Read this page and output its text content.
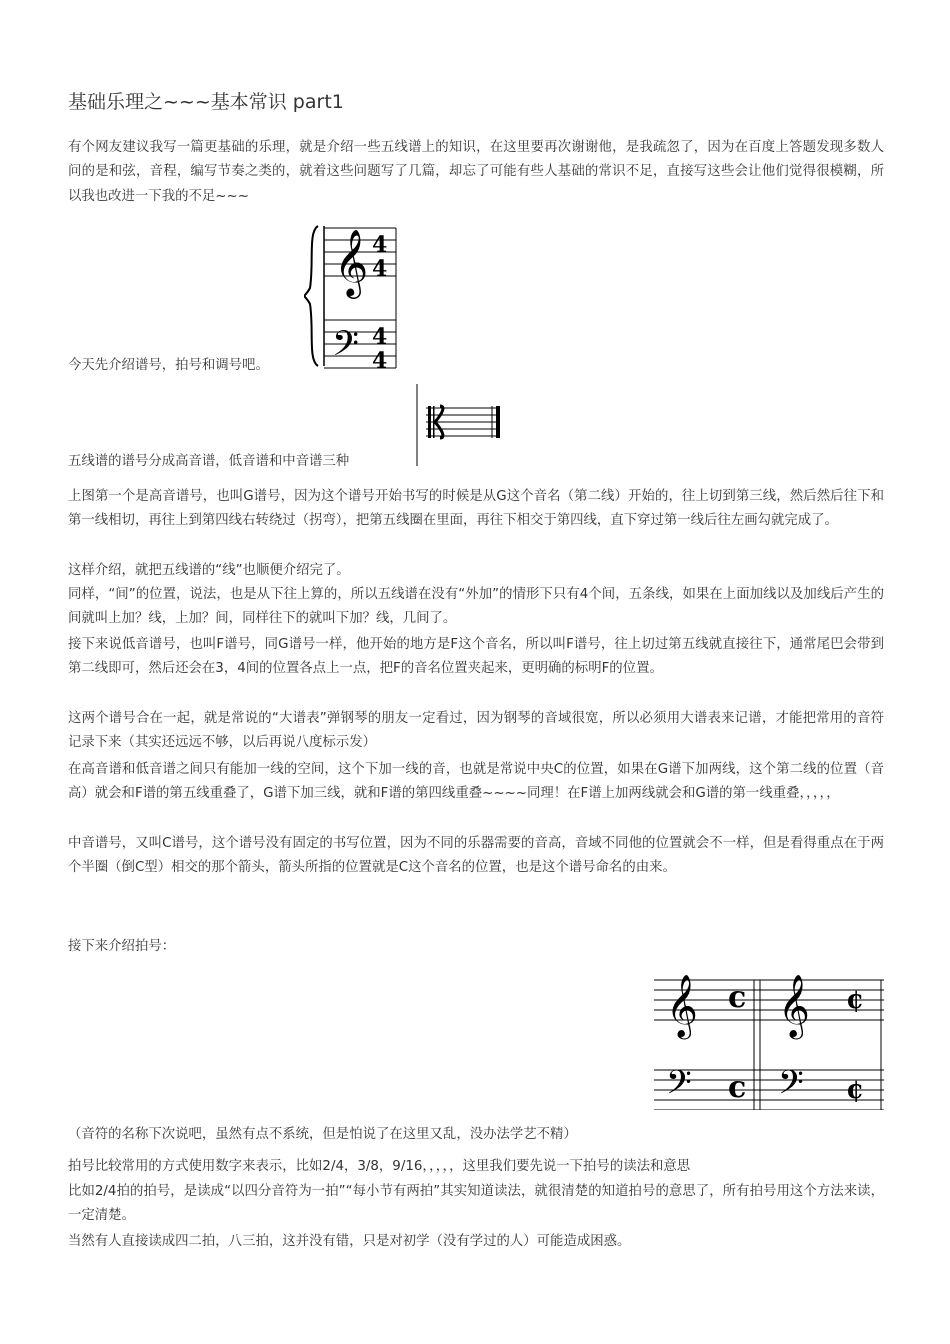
基础乐理之~~~基本常识 part1
有个网友建议我写一篇更基础的乐理，就是介绍一些五线谱上的知识，在这里要再次谢谢他，是我疏忽了，因为在百度上答题发现多数人问的是和弦，音程，编写节奏之类的，就着这些问题写了几篇，却忘了可能有些人基础的常识不足，直接写这些会让他们觉得很模糊，所以我也改进一下我的不足~~~
𝄞
𝄢
4
4
4
4
今天先介绍谱号，拍号和调号吧。
五线谱的谱号分成高音谱，低音谱和中音谱三种
上图第一个是高音谱号，也叫G谱号，因为这个谱号开始书写的时候是从G这个音名（第二线）开始的，往上切到第三线，然后然后往下和第一线相切，再往上到第四线右转绕过（拐弯），把第五线圈在里面，再往下相交于第四线，直下穿过第一线后往左画勾就完成了。
这样介绍，就把五线谱的“线”也顺便介绍完了。
同样，“间”的位置，说法，也是从下往上算的，所以五线谱在没有“外加”的情形下只有4个间，五条线，如果在上面加线以及加线后产生的间就叫上加？线，上加？间，同样往下的就叫下加？线，几间了。
接下来说低音谱号，也叫F谱号，同G谱号一样，他开始的地方是F这个音名，所以叫F谱号，往上切过第五线就直接往下，通常尾巴会带到第二线即可，然后还会在3，4间的位置各点上一点，把F的音名位置夹起来，更明确的标明F的位置。
这两个谱号合在一起，就是常说的“大谱表”弹钢琴的朋友一定看过，因为钢琴的音域很宽，所以必须用大谱表来记谱，才能把常用的音符记录下来（其实还远远不够，以后再说八度标示发）
在高音谱和低音谱之间只有能加一线的空间，这个下加一线的音，也就是常说中央C的位置，如果在G谱下加两线，这个第二线的位置（音高）就会和F谱的第五线重叠了，G谱下加三线，就和F谱的第四线重叠~~~~同理！在F谱上加两线就会和G谱的第一线重叠，，，，，
中音谱号，又叫C谱号，这个谱号没有固定的书写位置，因为不同的乐器需要的音高，音域不同他的位置就会不一样，但是看得重点在于两个半圈（倒C型）相交的那个箭头，箭头所指的位置就是C这个音名的位置，也是这个谱号命名的由来。
接下来介绍拍号：
𝄞
𝄢
c
c
𝄞
𝄢
¢
¢
（音符的名称下次说吧，虽然有点不系统，但是怕说了在这里又乱，没办法学艺不精）
拍号比较常用的方式使用数字来表示，比如2/4，3/8，9/16，，，，，这里我们要先说一下拍号的读法和意思
比如2/4拍的拍号，是读成“以四分音符为一拍”“每小节有两拍”其实知道读法，就很清楚的知道拍号的意思了，所有拍号用这个方法来读，一定清楚。
当然有人直接读成四二拍，八三拍，这并没有错，只是对初学（没有学过的人）可能造成困惑。
